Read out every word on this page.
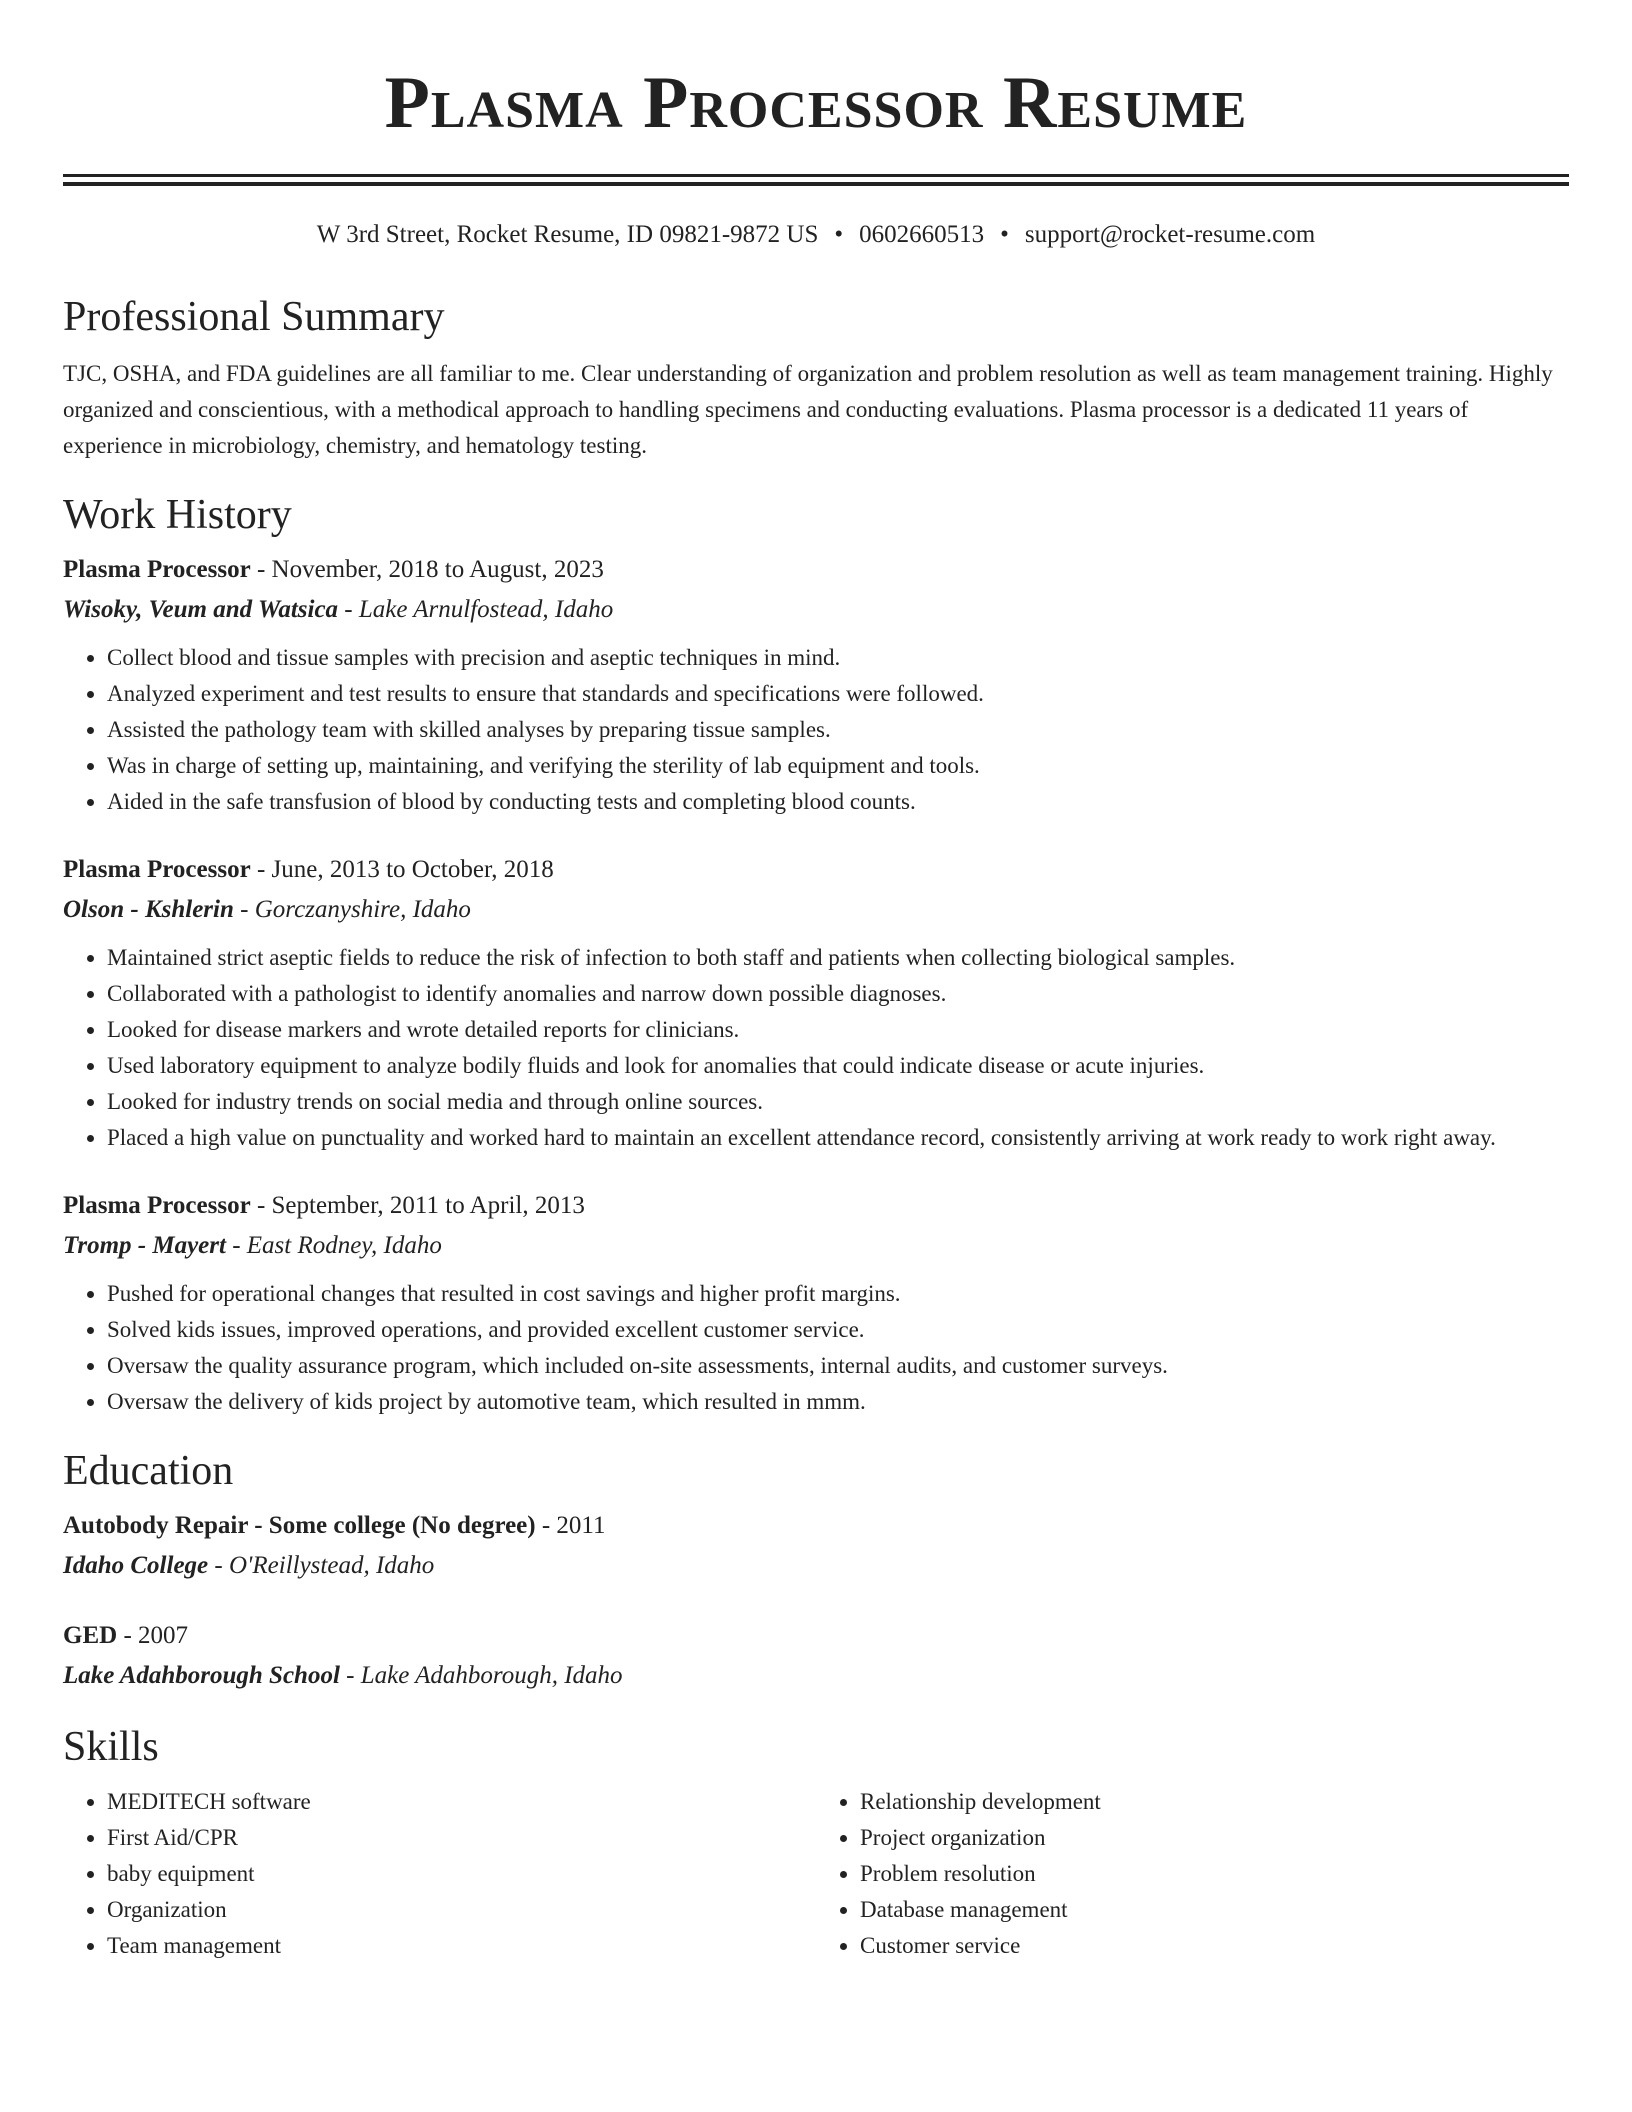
Plasma Processor Resume
W 3rd Street, Rocket Resume, ID 09821-9872 US • 0602660513 • support@rocket-resume.com
Professional Summary

TJC, OSHA, and FDA guidelines are all familiar to me. Clear understanding of organization and problem resolution as well as team management training. Highly organized and conscientious, with a methodical approach to handling specimens and conducting evaluations. Plasma processor is a dedicated 11 years of experience in microbiology, chemistry, and hematology testing.

Work History

Plasma Processor - November, 2018 to August, 2023

Wisoky, Veum and Watsica - Lake Arnulfostead, Idaho

• Collect blood and tissue samples with precision and aseptic techniques in mind.
• Analyzed experiment and test results to ensure that standards and specifications were followed.
• Assisted the pathology team with skilled analyses by preparing tissue samples.
• Was in charge of setting up, maintaining, and verifying the sterility of lab equipment and tools.
• Aided in the safe transfusion of blood by conducting tests and completing blood counts.

Plasma Processor - June, 2013 to October, 2018

Olson - Kshlerin - Gorczanyshire, Idaho

• Maintained strict aseptic fields to reduce the risk of infection to both staff and patients when collecting biological samples.
• Collaborated with a pathologist to identify anomalies and narrow down possible diagnoses.
• Looked for disease markers and wrote detailed reports for clinicians.
• Used laboratory equipment to analyze bodily fluids and look for anomalies that could indicate disease or acute injuries.
• Looked for industry trends on social media and through online sources.
• Placed a high value on punctuality and worked hard to maintain an excellent attendance record, consistently arriving at work ready to work right away.

Plasma Processor - September, 2011 to April, 2013

Tromp - Mayert - East Rodney, Idaho

• Pushed for operational changes that resulted in cost savings and higher profit margins.
• Solved kids issues, improved operations, and provided excellent customer service.
• Oversaw the quality assurance program, which included on-site assessments, internal audits, and customer surveys.
• Oversaw the delivery of kids project by automotive team, which resulted in mmm.
Education

Autobody Repair - Some college (No degree) - 2011

Idaho College - O'Reillystead, Idaho

GED - 2007

Lake Adahborough School - Lake Adahborough, Idaho

Skills
• MEDITECH software
• First Aid/CPR
• baby equipment
• Organization
• Team management
• Relationship development
• Project organization
• Problem resolution
• Database management
• Customer service
